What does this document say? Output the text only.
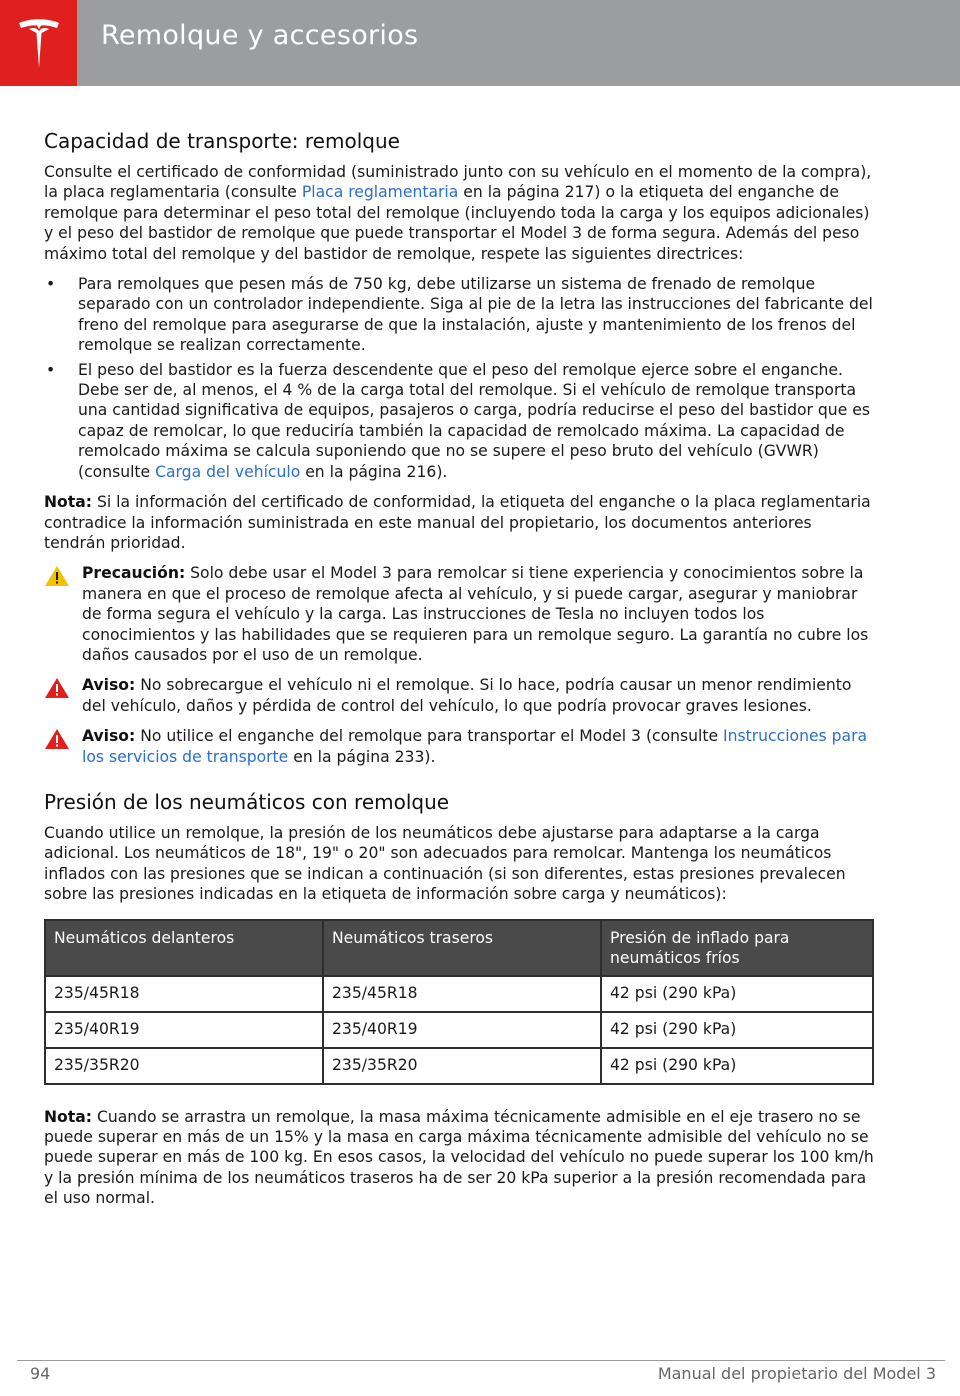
Remolque y accesorios
Capacidad de transporte: remolque

Consulte el certificado de conformidad (suministrado junto con su vehículo en el momento de la compra), la placa reglamentaria (consulte Placa reglamentaria en la página 217) o la etiqueta del enganche de remolque para determinar el peso total del remolque (incluyendo toda la carga y los equipos adicionales) y el peso del bastidor de remolque que puede transportar el Model 3 de forma segura. Además del peso máximo total del remolque y del bastidor de remolque, respete las siguientes directrices:

• Para remolques que pesen más de 750 kg, debe utilizarse un sistema de frenado de remolque separado con un controlador independiente. Siga al pie de la letra las instrucciones del fabricante del freno del remolque para asegurarse de que la instalación, ajuste y mantenimiento de los frenos del remolque se realizan correctamente.
• El peso del bastidor es la fuerza descendente que el peso del remolque ejerce sobre el enganche. Debe ser de, al menos, el 4 % de la carga total del remolque. Si el vehículo de remolque transporta una cantidad significativa de equipos, pasajeros o carga, podría reducirse el peso del bastidor que es capaz de remolcar, lo que reduciría también la capacidad de remolcado máxima. La capacidad de remolcado máxima se calcula suponiendo que no se supere el peso bruto del vehículo (GVWR) (consulte Carga del vehículo en la página 216).

Nota: Si la información del certificado de conformidad, la etiqueta del enganche o la placa reglamentaria contradice la información suministrada en este manual del propietario, los documentos anteriores tendrán prioridad.

Precaución: Solo debe usar el Model 3 para remolcar si tiene experiencia y conocimientos sobre la manera en que el proceso de remolque afecta al vehículo, y si puede cargar, asegurar y maniobrar de forma segura el vehículo y la carga. Las instrucciones de Tesla no incluyen todos los conocimientos y las habilidades que se requieren para un remolque seguro. La garantía no cubre los daños causados por el uso de un remolque.
Aviso: No sobrecargue el vehículo ni el remolque. Si lo hace, podría causar un menor rendimiento del vehículo, daños y pérdida de control del vehículo, lo que podría provocar graves lesiones.
Aviso: No utilice el enganche del remolque para transportar el Model 3 (consulte Instrucciones para los servicios de transporte en la página 233).
Presión de los neumáticos con remolque

Cuando utilice un remolque, la presión de los neumáticos debe ajustarse para adaptarse a la carga adicional. Los neumáticos de 18", 19" o 20" son adecuados para remolcar. Mantenga los neumáticos inflados con las presiones que se indican a continuación (si son diferentes, estas presiones prevalecen sobre las presiones indicadas en la etiqueta de información sobre carga y neumáticos):

Neumáticos delanteros	Neumáticos traseros	Presión de inflado para neumáticos fríos
235/45R18	235/45R18	42 psi (290 kPa)
235/40R19	235/40R19	42 psi (290 kPa)
235/35R20	235/35R20	42 psi (290 kPa)

Nota: Cuando se arrastra un remolque, la masa máxima técnicamente admisible en el eje trasero no se puede superar en más de un 15% y la masa en carga máxima técnicamente admisible del vehículo no se puede superar en más de 100 kg. En esos casos, la velocidad del vehículo no puede superar los 100 km/h y la presión mínima de los neumáticos traseros ha de ser 20 kPa superior a la presión recomendada para el uso normal.

94	Manual del propietario del Model 3
